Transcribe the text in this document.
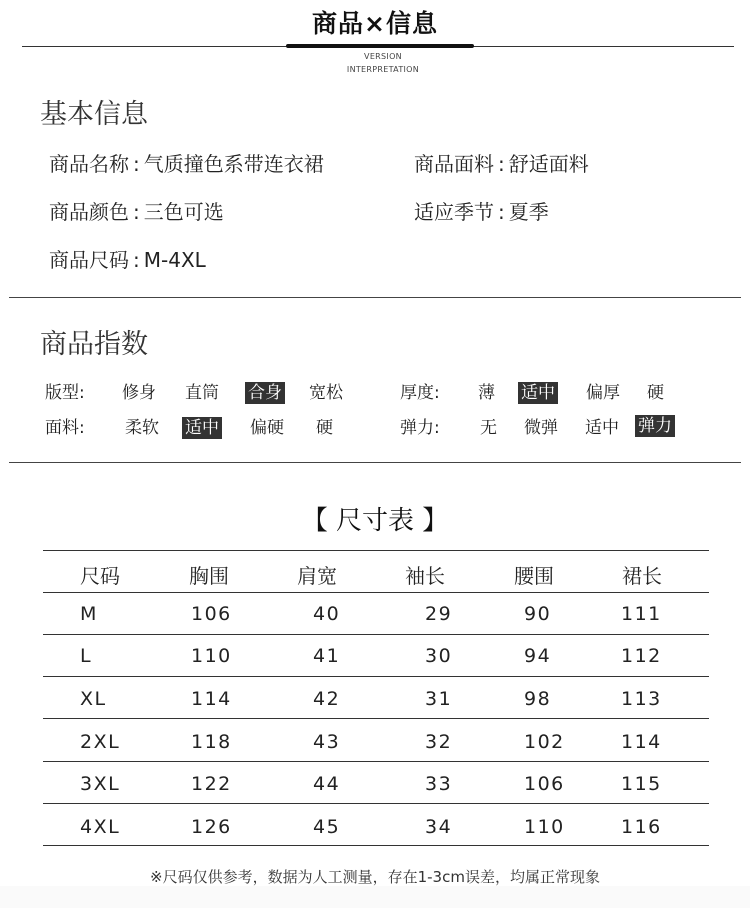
商品×信息
VERSION
INTERPRETATION
基本信息
商品名称 : 气质撞色系带连衣裙	商品面料 : 舒适面料
商品颜色 : 三色可选	适应季节 : 夏季
商品尺码 : M-4XL
商品指数
版型: 修身 直筒 合身 宽松	厚度: 薄 适中 偏厚 硬
面料: 柔软 适中 偏硬 硬	弹力: 无 微弹 适中 弹力
【 尺寸表 】
尺码	胸围	肩宽	袖长	腰围	裙长
M	106	40	29	90	111
L	110	41	30	94	112
XL	114	42	31	98	113
2XL	118	43	32	102	114
3XL	122	44	33	106	115
4XL	126	45	34	110	116
※尺码仅供参考，数据为人工测量，存在1-3cm误差，均属正常现象
